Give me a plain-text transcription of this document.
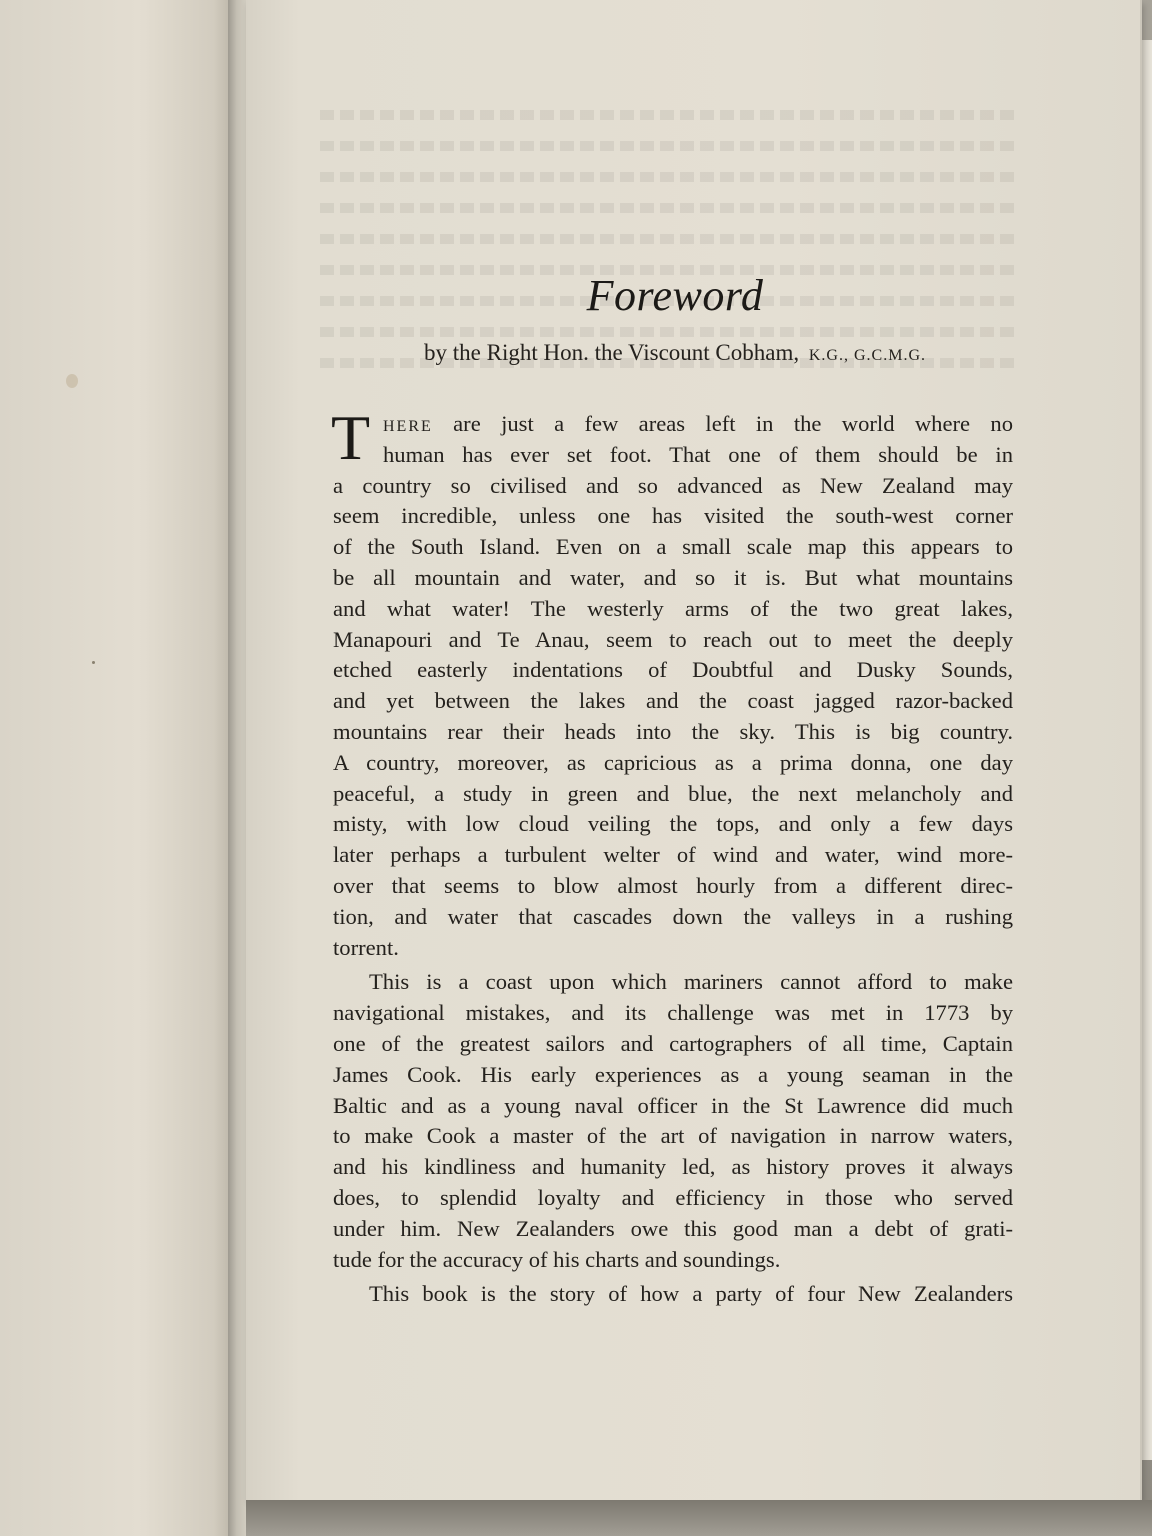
Foreword
by the Right Hon. the Viscount Cobham, K.G., G.C.M.G.
T HERE are just a few areas left in the world where no
human has ever set foot. That one of them should be in
a country so civilised and so advanced as New Zealand may
seem incredible, unless one has visited the south-west corner
of the South Island. Even on a small scale map this appears to
be all mountain and water, and so it is. But what mountains
and what water! The westerly arms of the two great lakes,
Manapouri and Te Anau, seem to reach out to meet the deeply
etched easterly indentations of Doubtful and Dusky Sounds,
and yet between the lakes and the coast jagged razor-backed
mountains rear their heads into the sky. This is big country.
A country, moreover, as capricious as a prima donna, one day
peaceful, a study in green and blue, the next melancholy and
misty, with low cloud veiling the tops, and only a few days
later perhaps a turbulent welter of wind and water, wind more-
over that seems to blow almost hourly from a different direc-
tion, and water that cascades down the valleys in a rushing
torrent.
This is a coast upon which mariners cannot afford to make
navigational mistakes, and its challenge was met in 1773 by
one of the greatest sailors and cartographers of all time, Captain
James Cook. His early experiences as a young seaman in the
Baltic and as a young naval officer in the St Lawrence did much
to make Cook a master of the art of navigation in narrow waters,
and his kindliness and humanity led, as history proves it always
does, to splendid loyalty and efficiency in those who served
under him. New Zealanders owe this good man a debt of grati-
tude for the accuracy of his charts and soundings.
This book is the story of how a party of four New Zealanders
